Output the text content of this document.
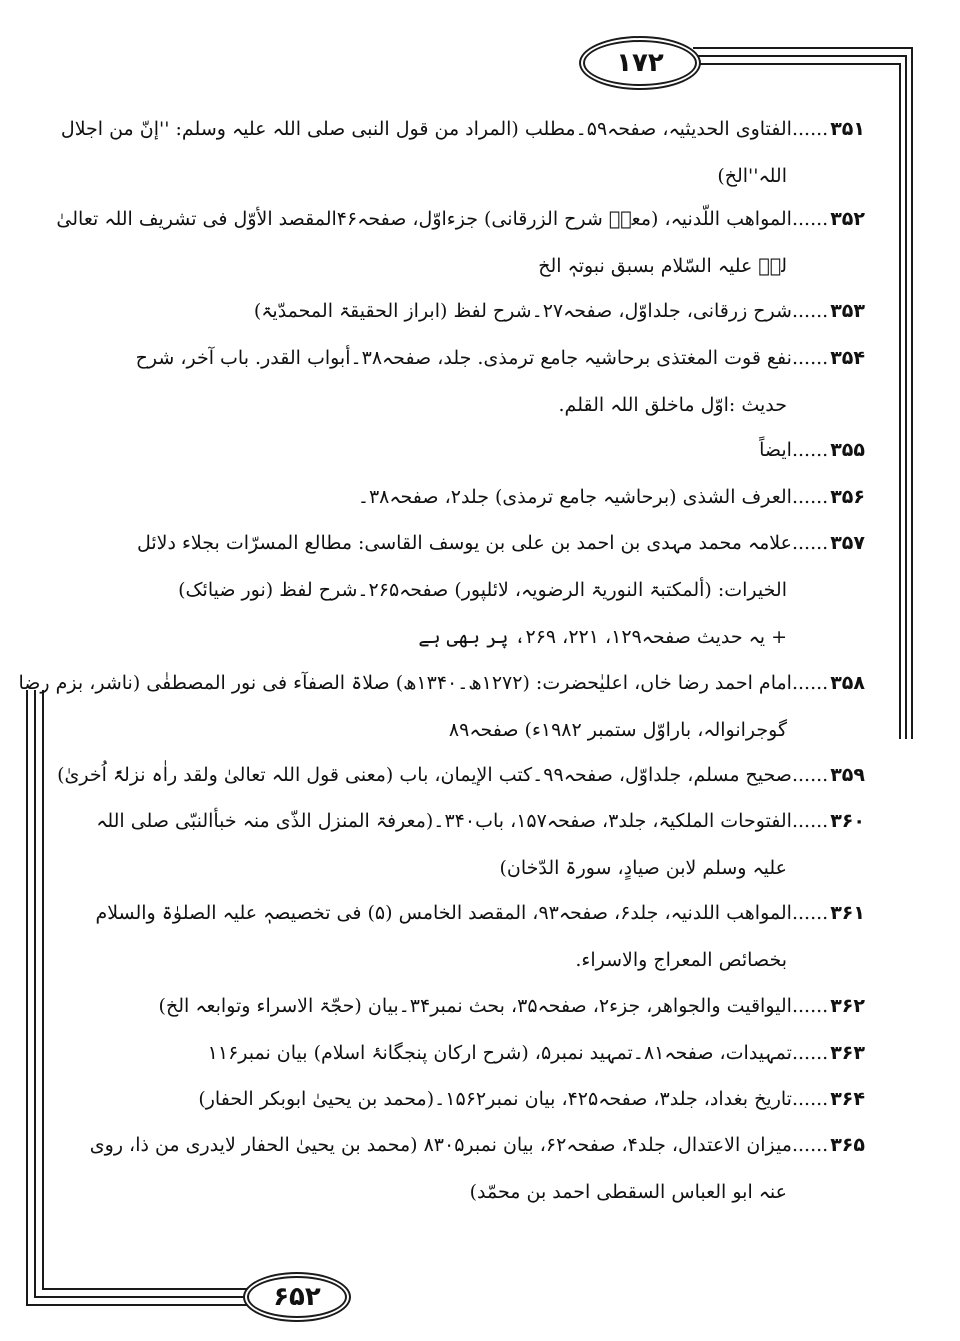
۱۷۲
۶۵۲
۳۵۱......الفتاوی الحدیثیہ، صفحہ۵۹۔مطلب (المراد من قول النبی صلی اللہ علیہ وسلم: ''إنّ من اجلال
اللہ''الخ)
۳۵۲......المواھب اللّدنیہ، (معہٗ شرح الزرقانی) جزءاوّل، صفحہ۴۶المقصد الأوّل فی تشریف اللہ تعالیٰ
لہٗ علیہ السّلام بسبق نبوتہٖ الخ
۳۵۳......شرح زرقانی، جلداوّل، صفحہ۲۷۔شرح لفظ (ابراز الحقیقۃ المحمدّیۃ)
۳۵۴......نفع قوت المغتذی برحاشیہ جامع ترمذی. جلد، صفحہ۳۸۔أبواب القدر. باب آخر، شرح
حدیث :اوّل ماخلق اللہ القلم.
۳۵۵......ایضاً
۳۵۶......العرف الشذی (برحاشیہ جامع ترمذی) جلد۲، صفحہ۳۸۔
۳۵۷......علامہ محمد مہدی بن احمد بن علی بن یوسف القاسی: مطالع المسرّات بجلاء دلائل
الخیرات: (ألمکتبۃ النوریۃ الرضویہ، لائلپور) صفحہ۲۶۵۔شرح لفظ (نور ضیائک)
+ یہ حدیث صفحہ۱۲۹، ۲۲۱، ۲۶۹، پر بھی ہے
۳۵۸......امام احمد رضا خاں، اعلیٰحضرت: (۱۲۷۲ھ۔۱۳۴۰ھ) صلاۃ الصفآء فی نور المصطفٰی (ناشر، بزم رضا
گوجرانوالہ، باراوّل ستمبر ۱۹۸۲ء) صفحہ۸۹
۳۵۹......صحیح مسلم، جلداوّل، صفحہ۹۹۔کتب الإیمان، باب (معنی قول اللہ تعالیٰ ولقد راٰہ نزلۃً اُخریٰ)
۳۶۰......الفتوحات الملکیۃ، جلد۳، صفحہ۱۵۷، باب۳۴۰۔(معرفۃ المنزل الذّی منہ خبأالنبّی صلی اللہ
علیہ وسلم لابن صیادٍ، سورۃ الدّخان)
۳۶۱......المواھب اللدنیہ، جلد۶، صفحہ۹۳، المقصد الخامس (۵) فی تخصیصہٖ علیہ الصلوٰۃ والسلام
بخصائص المعراج والاسراء.
۳۶۲......الیواقیت والجواھر، جزء۲، صفحہ۳۵، بحث نمبر۳۴۔بیان (حجّۃ الاسراء وتوابعہ الخ)
۳۶۳......تمہیدات، صفحہ۸۱۔تمہید نمبر۵، (شرح ارکان پنجگانۂ اسلام) بیان نمبر۱۱۶
۳۶۴......تاریخ بغداد، جلد۳، صفحہ۴۲۵، بیان نمبر۱۵۶۲۔(محمد بن یحییٰ ابوبکر الحفار)
۳۶۵......میزان الاعتدال، جلد۴، صفحہ۶۲، بیان نمبر۸۳۰۵ (محمد بن یحییٰ الحفار لایدری من ذا، روی
عنہ ابو العباس السقطی احمد بن محمّد)
